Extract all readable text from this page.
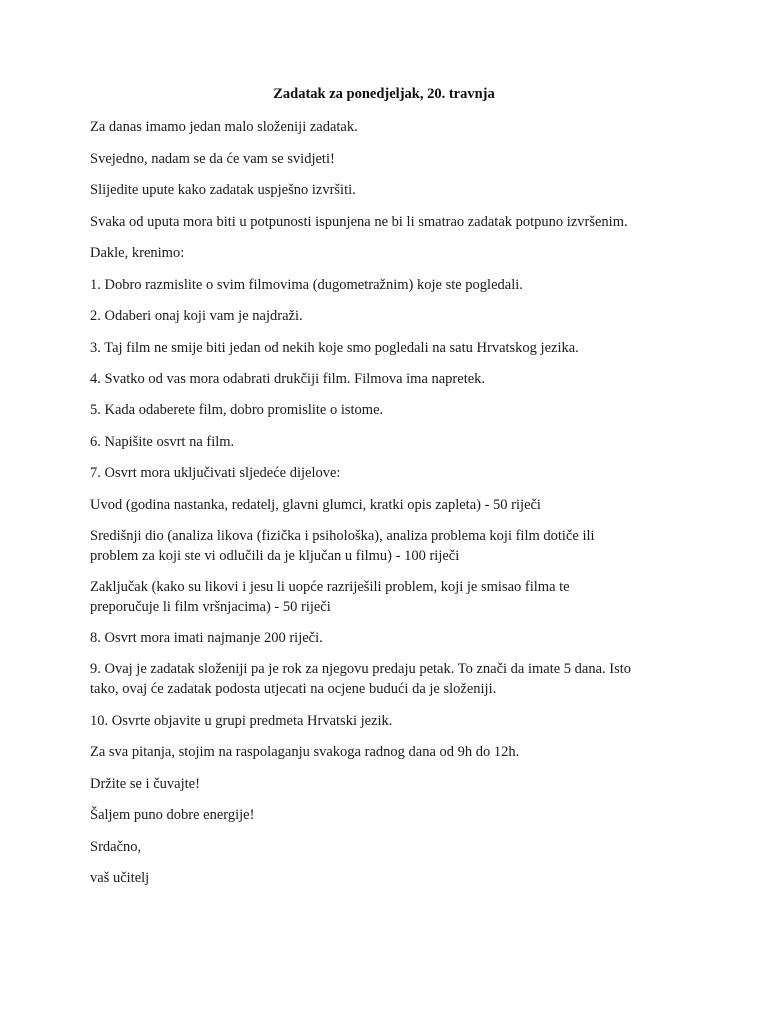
Zadatak za ponedjeljak, 20. travnja

Za danas imamo jedan malo složeniji zadatak.

Svejedno, nadam se da će vam se svidjeti!

Slijedite upute kako zadatak uspješno izvršiti.

Svaka od uputa mora biti u potpunosti ispunjena ne bi li smatrao zadatak potpuno izvršenim.

Dakle, krenimo:

1. Dobro razmislite o svim filmovima (dugometražnim) koje ste pogledali.

2. Odaberi onaj koji vam je najdraži.

3. Taj film ne smije biti jedan od nekih koje smo pogledali na satu Hrvatskog jezika.

4. Svatko od vas mora odabrati drukčiji film. Filmova ima napretek.

5. Kada odaberete film, dobro promislite o istome.

6. Napišite osvrt na film.

7. Osvrt mora uključivati sljedeće dijelove:

Uvod (godina nastanka, redatelj, glavni glumci, kratki opis zapleta) - 50 riječi

Središnji dio (analiza likova (fizička i psihološka), analiza problema koji film dotiče ili
problem za koji ste vi odlučili da je ključan u filmu) - 100 riječi

Zaključak (kako su likovi i jesu li uopće razriješili problem, koji je smisao filma te
preporučuje li film vršnjacima) - 50 riječi

8. Osvrt mora imati najmanje 200 riječi.

9. Ovaj je zadatak složeniji pa je rok za njegovu predaju petak. To znači da imate 5 dana. Isto
tako, ovaj će zadatak podosta utjecati na ocjene budući da je složeniji.

10. Osvrte objavite u grupi predmeta Hrvatski jezik.

Za sva pitanja, stojim na raspolaganju svakoga radnog dana od 9h do 12h.

Držite se i čuvajte!

Šaljem puno dobre energije!

Srdačno,

vaš učitelj
